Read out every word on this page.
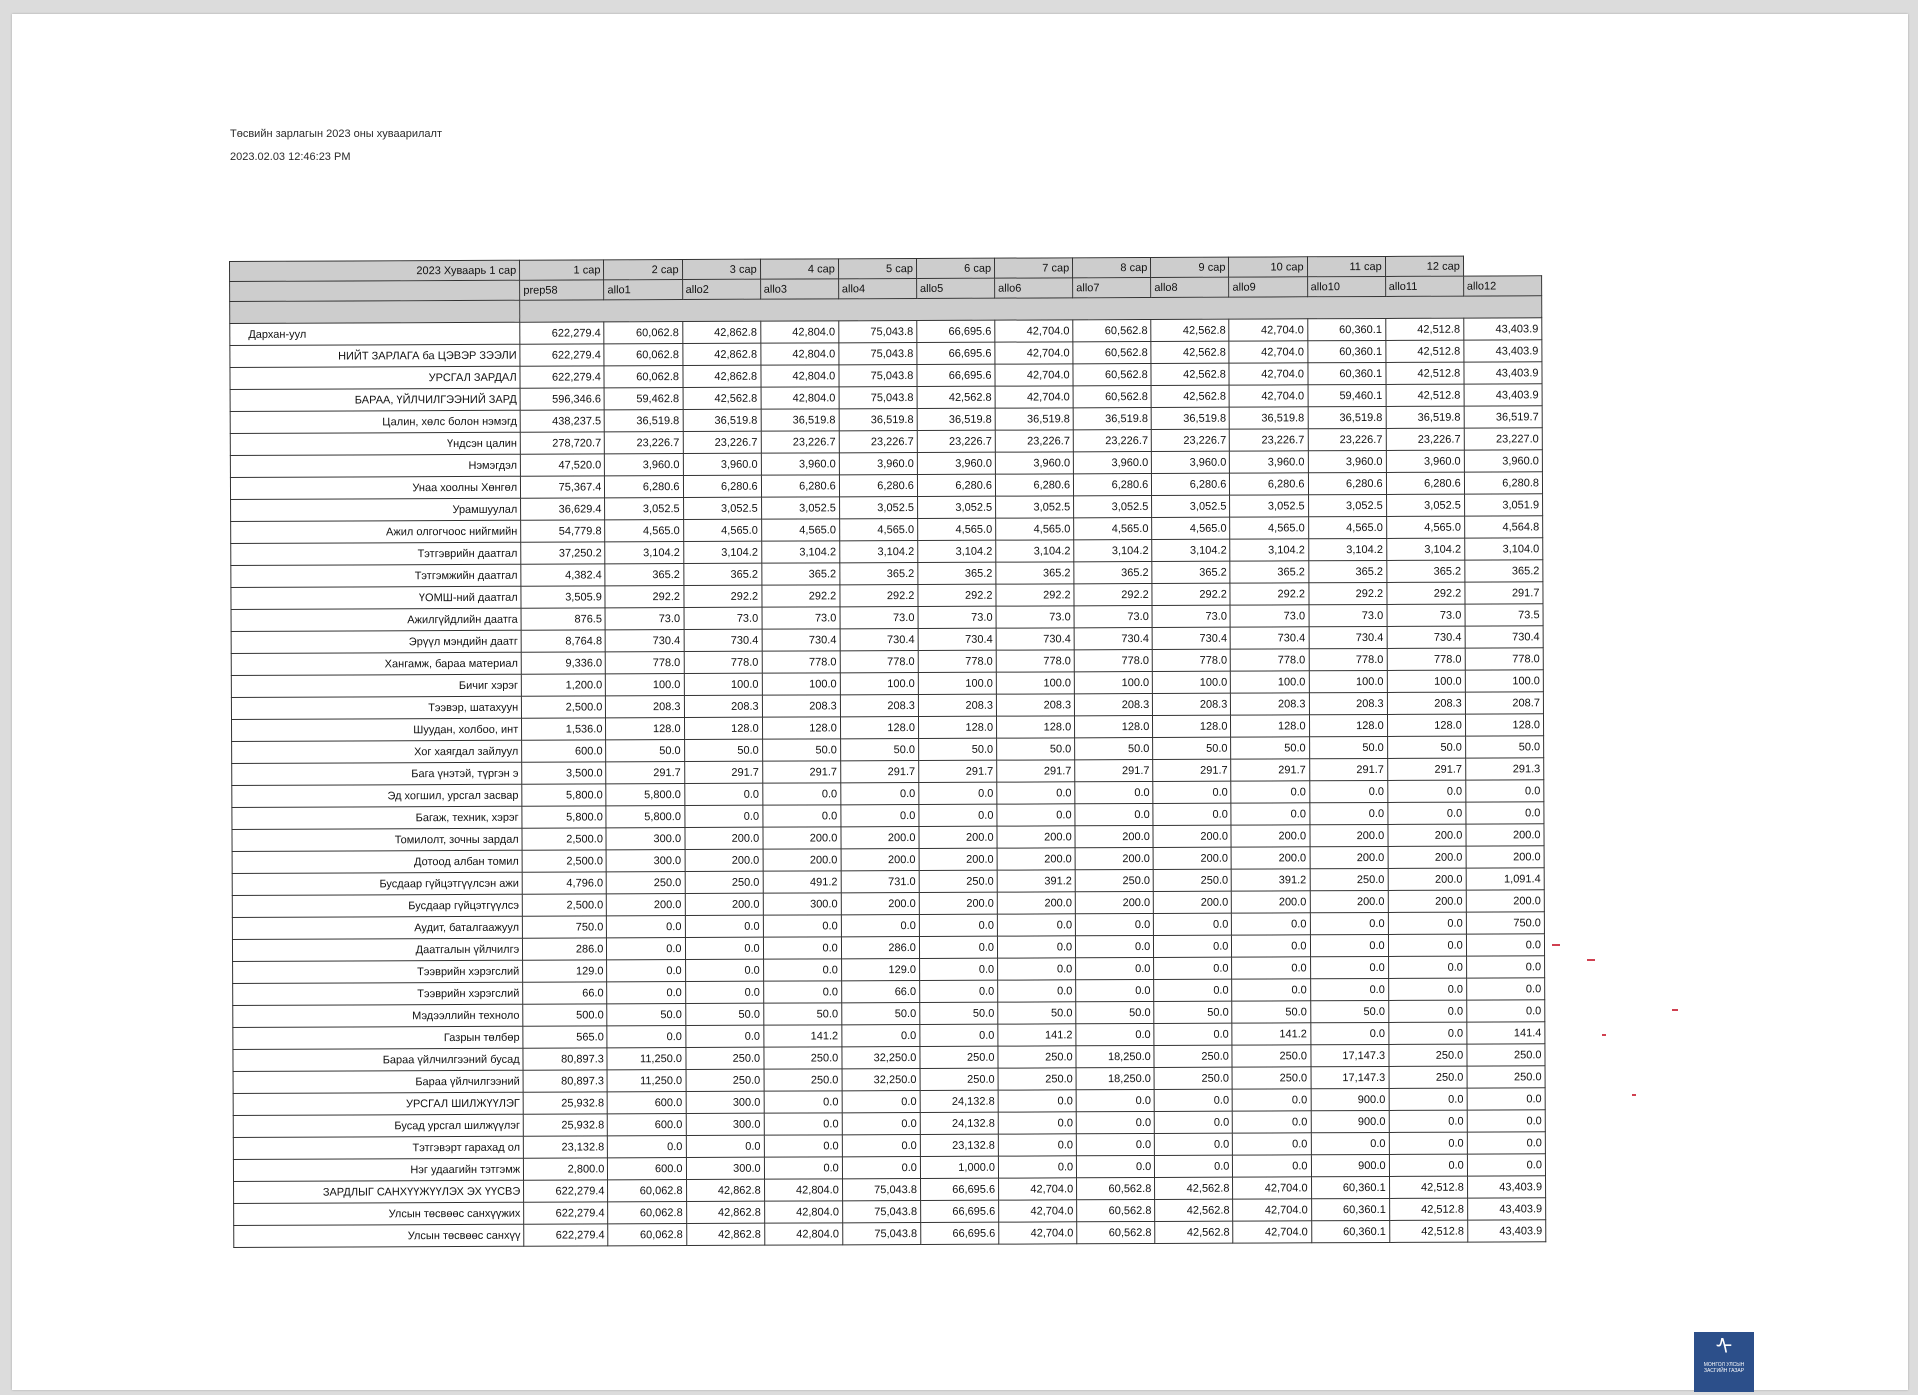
Төсвийн зарлагын 2023 оны хуваарилалт
2023.02.03 12:46:23 PM
2023 Хуваарь 1 сар	1 сар	2 сар	3 сар	4 сар	5 сар	6 сар	7 сар	8 сар	9 сар	10 сар	11 сар	12 сар	
	prep58	allo1	allo2	allo3	allo4	allo5	allo6	allo7	allo8	allo9	allo10	allo11	allo12

Дархан-уул	622,279.4	60,062.8	42,862.8	42,804.0	75,043.8	66,695.6	42,704.0	60,562.8	42,562.8	42,704.0	60,360.1	42,512.8	43,403.9
НИЙТ ЗАРЛАГА ба ЦЭВЭР ЗЭЭЛИ	622,279.4	60,062.8	42,862.8	42,804.0	75,043.8	66,695.6	42,704.0	60,562.8	42,562.8	42,704.0	60,360.1	42,512.8	43,403.9
УРСГАЛ ЗАРДАЛ	622,279.4	60,062.8	42,862.8	42,804.0	75,043.8	66,695.6	42,704.0	60,562.8	42,562.8	42,704.0	60,360.1	42,512.8	43,403.9
БАРАА, ҮЙЛЧИЛГЭЭНИЙ ЗАРД	596,346.6	59,462.8	42,562.8	42,804.0	75,043.8	42,562.8	42,704.0	60,562.8	42,562.8	42,704.0	59,460.1	42,512.8	43,403.9
Цалин, хөлс болон нэмэгд	438,237.5	36,519.8	36,519.8	36,519.8	36,519.8	36,519.8	36,519.8	36,519.8	36,519.8	36,519.8	36,519.8	36,519.8	36,519.7
Үндсэн цалин	278,720.7	23,226.7	23,226.7	23,226.7	23,226.7	23,226.7	23,226.7	23,226.7	23,226.7	23,226.7	23,226.7	23,226.7	23,227.0
Нэмэгдэл	47,520.0	3,960.0	3,960.0	3,960.0	3,960.0	3,960.0	3,960.0	3,960.0	3,960.0	3,960.0	3,960.0	3,960.0	3,960.0
Унаа хоолны Хөнгөл	75,367.4	6,280.6	6,280.6	6,280.6	6,280.6	6,280.6	6,280.6	6,280.6	6,280.6	6,280.6	6,280.6	6,280.6	6,280.8
Урамшуулал	36,629.4	3,052.5	3,052.5	3,052.5	3,052.5	3,052.5	3,052.5	3,052.5	3,052.5	3,052.5	3,052.5	3,052.5	3,051.9
Ажил олгогчоос нийгмийн	54,779.8	4,565.0	4,565.0	4,565.0	4,565.0	4,565.0	4,565.0	4,565.0	4,565.0	4,565.0	4,565.0	4,565.0	4,564.8
Тэтгэврийн даатгал	37,250.2	3,104.2	3,104.2	3,104.2	3,104.2	3,104.2	3,104.2	3,104.2	3,104.2	3,104.2	3,104.2	3,104.2	3,104.0
Тэтгэмжийн даатгал	4,382.4	365.2	365.2	365.2	365.2	365.2	365.2	365.2	365.2	365.2	365.2	365.2	365.2
ҮОМШ-ний даатгал	3,505.9	292.2	292.2	292.2	292.2	292.2	292.2	292.2	292.2	292.2	292.2	292.2	291.7
Ажилгүйдлийн даатга	876.5	73.0	73.0	73.0	73.0	73.0	73.0	73.0	73.0	73.0	73.0	73.0	73.5
Эрүүл мэндийн даатг	8,764.8	730.4	730.4	730.4	730.4	730.4	730.4	730.4	730.4	730.4	730.4	730.4	730.4
Хангамж, бараа материал	9,336.0	778.0	778.0	778.0	778.0	778.0	778.0	778.0	778.0	778.0	778.0	778.0	778.0
Бичиг хэрэг	1,200.0	100.0	100.0	100.0	100.0	100.0	100.0	100.0	100.0	100.0	100.0	100.0	100.0
Тээвэр, шатахуун	2,500.0	208.3	208.3	208.3	208.3	208.3	208.3	208.3	208.3	208.3	208.3	208.3	208.7
Шуудан, холбоо, инт	1,536.0	128.0	128.0	128.0	128.0	128.0	128.0	128.0	128.0	128.0	128.0	128.0	128.0
Хог хаягдал зайлуул	600.0	50.0	50.0	50.0	50.0	50.0	50.0	50.0	50.0	50.0	50.0	50.0	50.0
Бага үнэтэй, түргэн э	3,500.0	291.7	291.7	291.7	291.7	291.7	291.7	291.7	291.7	291.7	291.7	291.7	291.3
Эд хогшил, урсгал засвар	5,800.0	5,800.0	0.0	0.0	0.0	0.0	0.0	0.0	0.0	0.0	0.0	0.0	0.0
Багаж, техник, хэрэг	5,800.0	5,800.0	0.0	0.0	0.0	0.0	0.0	0.0	0.0	0.0	0.0	0.0	0.0
Томилолт, зочны зардал	2,500.0	300.0	200.0	200.0	200.0	200.0	200.0	200.0	200.0	200.0	200.0	200.0	200.0
Дотоод албан томил	2,500.0	300.0	200.0	200.0	200.0	200.0	200.0	200.0	200.0	200.0	200.0	200.0	200.0
Бусдаар гүйцэтгүүлсэн ажи	4,796.0	250.0	250.0	491.2	731.0	250.0	391.2	250.0	250.0	391.2	250.0	200.0	1,091.4
Бусдаар гүйцэтгүүлсэ	2,500.0	200.0	200.0	300.0	200.0	200.0	200.0	200.0	200.0	200.0	200.0	200.0	200.0
Аудит, баталгаажуул	750.0	0.0	0.0	0.0	0.0	0.0	0.0	0.0	0.0	0.0	0.0	0.0	750.0
Даатгалын үйлчилгэ	286.0	0.0	0.0	0.0	286.0	0.0	0.0	0.0	0.0	0.0	0.0	0.0	0.0
Тээврийн хэрэгслий	129.0	0.0	0.0	0.0	129.0	0.0	0.0	0.0	0.0	0.0	0.0	0.0	0.0
Тээврийн хэрэгслий	66.0	0.0	0.0	0.0	66.0	0.0	0.0	0.0	0.0	0.0	0.0	0.0	0.0
Мэдээллийн техноло	500.0	50.0	50.0	50.0	50.0	50.0	50.0	50.0	50.0	50.0	50.0	0.0	0.0
Газрын төлбөр	565.0	0.0	0.0	141.2	0.0	0.0	141.2	0.0	0.0	141.2	0.0	0.0	141.4
Бараа үйлчилгээний бусад	80,897.3	11,250.0	250.0	250.0	32,250.0	250.0	250.0	18,250.0	250.0	250.0	17,147.3	250.0	250.0
Бараа үйлчилгээний	80,897.3	11,250.0	250.0	250.0	32,250.0	250.0	250.0	18,250.0	250.0	250.0	17,147.3	250.0	250.0
УРСГАЛ ШИЛЖҮҮЛЭГ	25,932.8	600.0	300.0	0.0	0.0	24,132.8	0.0	0.0	0.0	0.0	900.0	0.0	0.0
Бусад урсгал шилжүүлэг	25,932.8	600.0	300.0	0.0	0.0	24,132.8	0.0	0.0	0.0	0.0	900.0	0.0	0.0
Тэтгэвэрт гарахад ол	23,132.8	0.0	0.0	0.0	0.0	23,132.8	0.0	0.0	0.0	0.0	0.0	0.0	0.0
Нэг удаагийн тэтгэмж	2,800.0	600.0	300.0	0.0	0.0	1,000.0	0.0	0.0	0.0	0.0	900.0	0.0	0.0
ЗАРДЛЫГ САНХҮҮЖҮҮЛЭХ ЭХ ҮҮСВЭ	622,279.4	60,062.8	42,862.8	42,804.0	75,043.8	66,695.6	42,704.0	60,562.8	42,562.8	42,704.0	60,360.1	42,512.8	43,403.9
Улсын төсвөөс санхүүжих	622,279.4	60,062.8	42,862.8	42,804.0	75,043.8	66,695.6	42,704.0	60,562.8	42,562.8	42,704.0	60,360.1	42,512.8	43,403.9
Улсын төсвөөс санхүү	622,279.4	60,062.8	42,862.8	42,804.0	75,043.8	66,695.6	42,704.0	60,562.8	42,562.8	42,704.0	60,360.1	42,512.8	43,403.9
ᠰ
МОНГОЛ УЛСЫН ЗАСГИЙН ГАЗАР
